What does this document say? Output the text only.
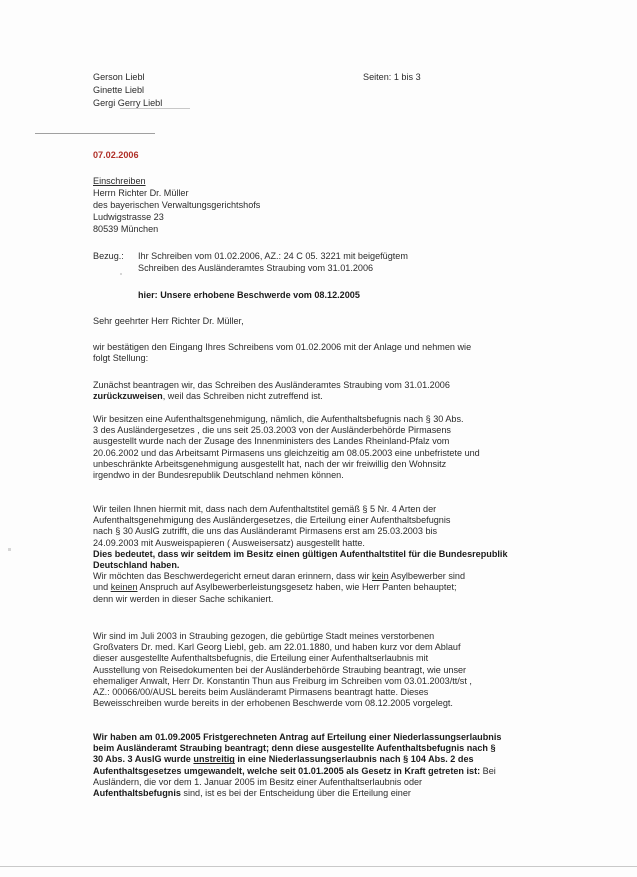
Gerson Liebl
Ginette Liebl
Gergi Gerry Liebl
Seiten: 1 bis 3
07.02.2006
Einschreiben
Herrn Richter Dr. Müller
des bayerischen Verwaltungsgerichtshofs
Ludwigstrasse 23
80539 München
Bezug.: Ihr Schreiben vom 01.02.2006, AZ.: 24 C 05. 3221 mit beigefügtem
Schreiben des Ausländeramtes Straubing vom 31.01.2006
hier: Unsere erhobene Beschwerde vom 08.12.2005
Sehr geehrter Herr Richter Dr. Müller,
wir bestätigen den Eingang Ihres Schreibens vom 01.02.2006 mit der Anlage und nehmen wie
folgt Stellung:
Zunächst beantragen wir, das Schreiben des Ausländeramtes Straubing vom 31.01.2006
zurückzuweisen, weil das Schreiben nicht zutreffend ist.
Wir besitzen eine Aufenthaltsgenehmigung, nämlich, die Aufenthaltsbefugnis nach § 30 Abs.
3 des Ausländergesetzes , die uns seit 25.03.2003 von der Ausländerbehörde Pirmasens
ausgestellt wurde nach der Zusage des Innenministers des Landes Rheinland-Pfalz vom
20.06.2002 und das Arbeitsamt Pirmasens uns gleichzeitig am 08.05.2003 eine unbefristete und
unbeschränkte Arbeitsgenehmigung ausgestellt hat, nach der wir freiwillig den Wohnsitz
irgendwo in der Bundesrepublik Deutschland nehmen können.
Wir teilen Ihnen hiermit mit, dass nach dem Aufenthaltstitel gemäß § 5 Nr. 4 Arten der
Aufenthaltsgenehmigung des Ausländergesetzes, die Erteilung einer Aufenthaltsbefugnis
nach § 30 AuslG zutrifft, die uns das Ausländeramt Pirmasens erst am 25.03.2003 bis
24.09.2003 mit Ausweispapieren ( Ausweisersatz) ausgestellt hatte.
Dies bedeutet, dass wir seitdem im Besitz einen gültigen Aufenthaltstitel für die Bundesrepublik
Deutschland haben.
Wir möchten das Beschwerdegericht erneut daran erinnern, dass wir kein Asylbewerber sind
und keinen Anspruch auf Asylbewerberleistungsgesetz haben, wie Herr Panten behauptet;
denn wir werden in dieser Sache schikaniert.
Wir sind im Juli 2003 in Straubing gezogen, die gebürtige Stadt meines verstorbenen
Großvaters Dr. med. Karl Georg Liebl, geb. am 22.01.1880, und haben kurz vor dem Ablauf
dieser ausgestellte Aufenthaltsbefugnis, die Erteilung einer Aufenthaltserlaubnis mit
Ausstellung von Reisedokumenten bei der Ausländerbehörde Straubing beantragt, wie unser
ehemaliger Anwalt, Herr Dr. Konstantin Thun aus Freiburg im Schreiben vom 03.01.2003/tt/st ,
AZ.: 00066/00/AUSL bereits beim Ausländeramt Pirmasens beantragt hatte. Dieses
Beweisschreiben wurde bereits in der erhobenen Beschwerde vom 08.12.2005 vorgelegt.
Wir haben am 01.09.2005 Fristgerechneten Antrag auf Erteilung einer Niederlassungserlaubnis
beim Ausländeramt Straubing beantragt; denn diese ausgestellte Aufenthaltsbefugnis nach §
30 Abs. 3 AuslG wurde unstreitig in eine Niederlassungserlaubnis nach § 104 Abs. 2 des
Aufenthaltsgesetzes umgewandelt, welche seit 01.01.2005 als Gesetz in Kraft getreten ist: Bei
Ausländern, die vor dem 1. Januar 2005 im Besitz einer Aufenthaltserlaubnis oder
Aufenthaltsbefugnis sind, ist es bei der Entscheidung über die Erteilung einer
